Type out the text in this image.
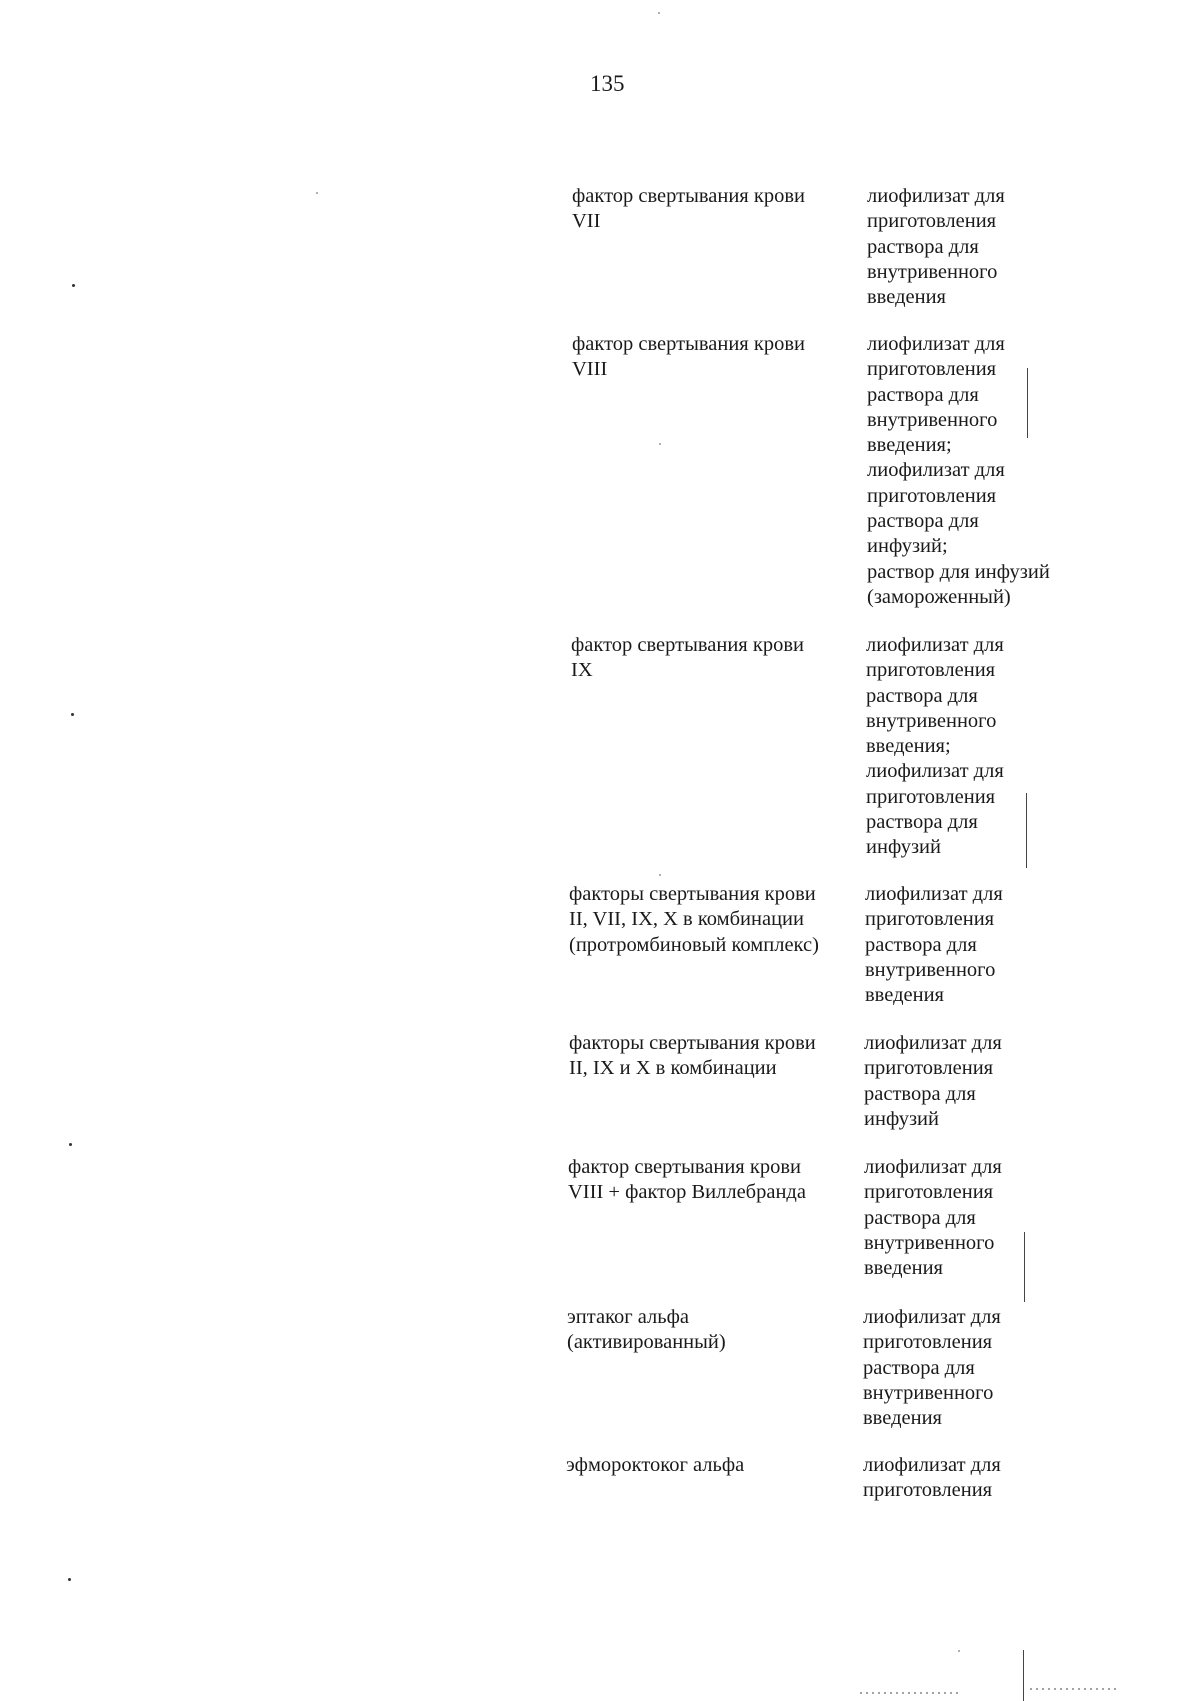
135
фактор свертывания крови
VII
лиофилизат для
приготовления
раствора для
внутривенного
введения
фактор свертывания крови
VIII
лиофилизат для
приготовления
раствора для
внутривенного
введения;
лиофилизат для
приготовления
раствора для
инфузий;
раствор для инфузий
(замороженный)
фактор свертывания крови
IX
лиофилизат для
приготовления
раствора для
внутривенного
введения;
лиофилизат для
приготовления
раствора для
инфузий
факторы свертывания крови
II, VII, IX, X в комбинации
(протромбиновый комплекс)
лиофилизат для
приготовления
раствора для
внутривенного
введения
факторы свертывания крови
II, IX и X в комбинации
лиофилизат для
приготовления
раствора для
инфузий
фактор свертывания крови
VIII + фактор Виллебранда
лиофилизат для
приготовления
раствора для
внутривенного
введения
эптаког альфа
(активированный)
лиофилизат для
приготовления
раствора для
внутривенного
введения
эфмороктоког альфа	лиофилизат для
приготовления
